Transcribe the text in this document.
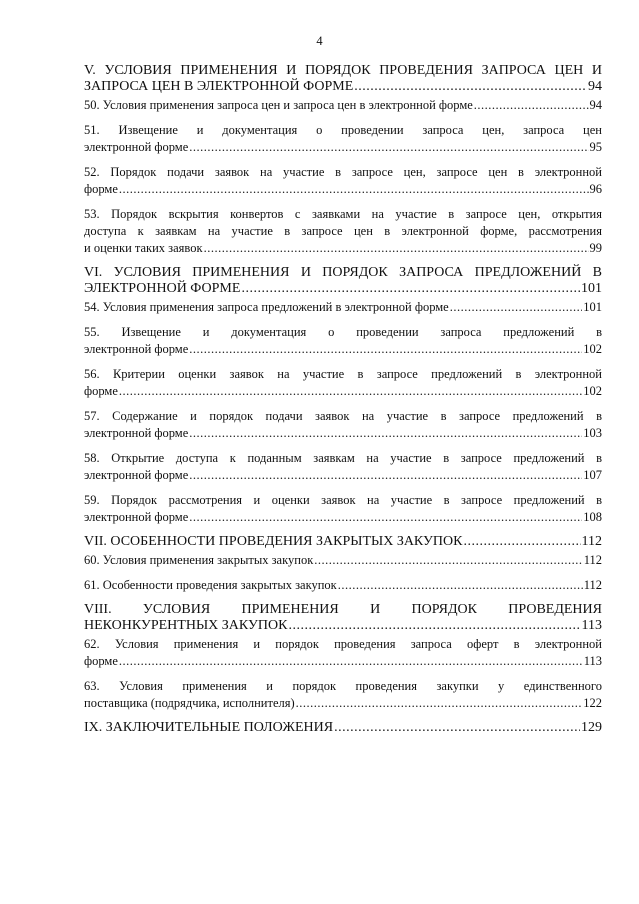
4
V. УСЛОВИЯ ПРИМЕНЕНИЯ И ПОРЯДОК ПРОВЕДЕНИЯ ЗАПРОСА ЦЕН И
ЗАПРОСА ЦЕН В ЭЛЕКТРОННОЙ ФОРМЕ .....	94
50. Условия применения запроса цен и запроса цен в электронной форме .....	94
51. Извещение и документация о проведении запроса цен, запроса цен
электронной форме .....	95
52. Порядок подачи заявок на участие в запросе цен, запросе цен в электронной
форме .....	96
53. Порядок вскрытия конвертов с заявками на участие в запросе цен, открытия
доступа к заявкам на участие в запросе цен в электронной форме, рассмотрения
и оценки таких заявок .....	99
VI. УСЛОВИЯ ПРИМЕНЕНИЯ И ПОРЯДОК ЗАПРОСА ПРЕДЛОЖЕНИЙ В
ЭЛЕКТРОННОЙ ФОРМЕ .....	101
54. Условия применения запроса предложений в электронной форме .....	101
55. Извещение и документация о проведении запроса предложений в
электронной форме .....	102
56. Критерии оценки заявок на участие в запросе предложений в электронной
форме .....	102
57. Содержание и порядок подачи заявок на участие в запросе предложений в
электронной форме .....	103
58. Открытие доступа к поданным заявкам на участие в запросе предложений в
электронной форме .....	107
59. Порядок рассмотрения и оценки заявок на участие в запросе предложений в
электронной форме .....	108
VII. ОСОБЕННОСТИ ПРОВЕДЕНИЯ ЗАКРЫТЫХ ЗАКУПОК .....	112
60. Условия применения закрытых закупок .....	112
61. Особенности проведения закрытых закупок .....	112
VIII. УСЛОВИЯ ПРИМЕНЕНИЯ И ПОРЯДОК ПРОВЕДЕНИЯ
НЕКОНКУРЕНТНЫХ ЗАКУПОК .....	113
62. Условия применения и порядок проведения запроса оферт в электронной
форме .....	113
63. Условия применения и порядок проведения закупки у единственного
поставщика (подрядчика, исполнителя) .....	122
IX. ЗАКЛЮЧИТЕЛЬНЫЕ ПОЛОЖЕНИЯ .....	129
